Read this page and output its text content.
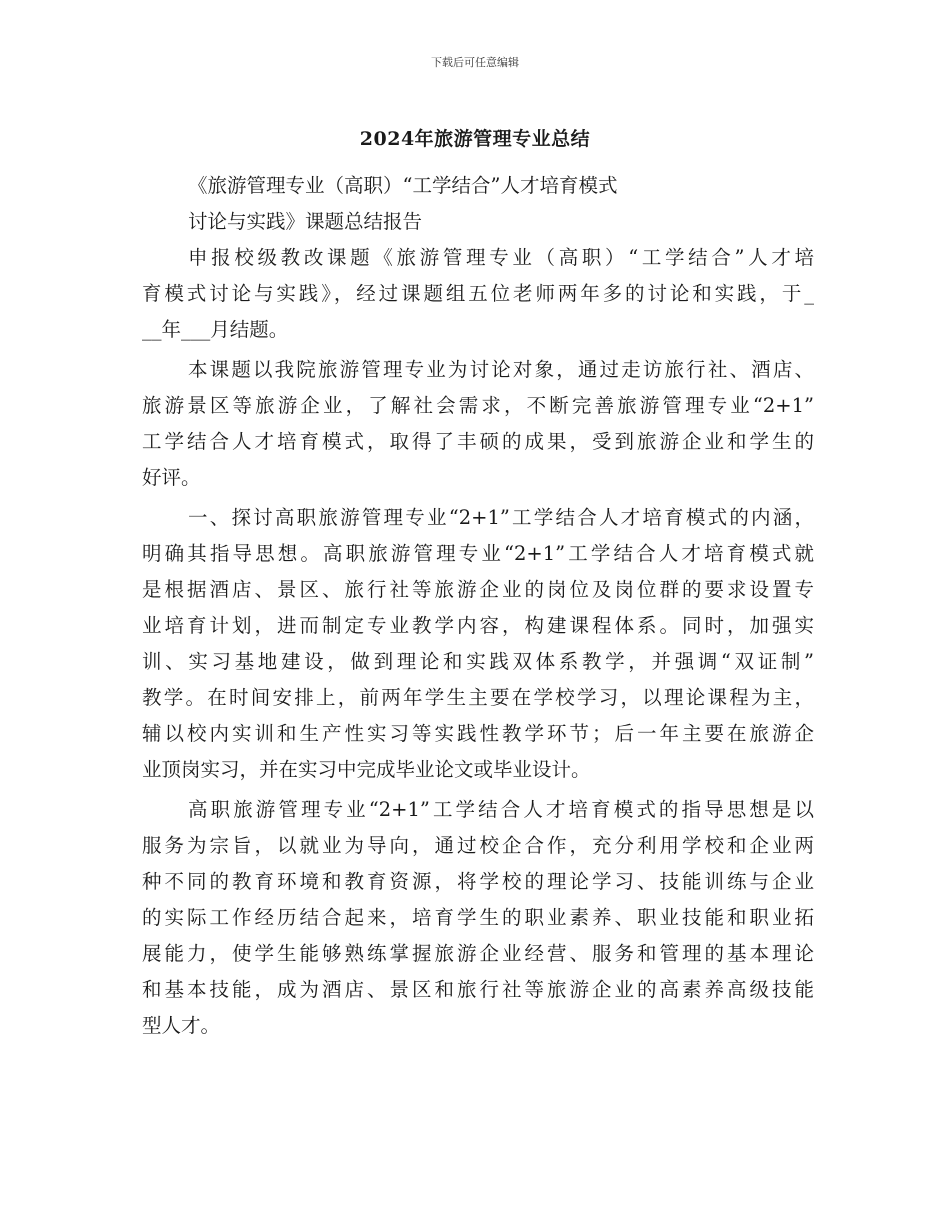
下载后可任意编辑
2024年旅游管理专业总结
《旅游管理专业（高职）“工学结合”人才培育模式
讨论与实践》课题总结报告
申报校级教改课题《旅游管理专业（高职）“工学结合”人才培
育模式讨论与实践》，经过课题组五位老师两年多的讨论和实践，于_
__年___月结题。
本课题以我院旅游管理专业为讨论对象，通过走访旅行社、酒店、
旅游景区等旅游企业，了解社会需求，不断完善旅游管理专业“2+1”
工学结合人才培育模式，取得了丰硕的成果，受到旅游企业和学生的
好评。
一、探讨高职旅游管理专业“2+1”工学结合人才培育模式的内涵，
明确其指导思想。高职旅游管理专业“2+1”工学结合人才培育模式就
是根据酒店、景区、旅行社等旅游企业的岗位及岗位群的要求设置专
业培育计划，进而制定专业教学内容，构建课程体系。同时，加强实
训、实习基地建设，做到理论和实践双体系教学，并强调“双证制”
教学。在时间安排上，前两年学生主要在学校学习，以理论课程为主，
辅以校内实训和生产性实习等实践性教学环节；后一年主要在旅游企
业顶岗实习，并在实习中完成毕业论文或毕业设计。
高职旅游管理专业“2+1”工学结合人才培育模式的指导思想是以
服务为宗旨，以就业为导向，通过校企合作，充分利用学校和企业两
种不同的教育环境和教育资源，将学校的理论学习、技能训练与企业
的实际工作经历结合起来，培育学生的职业素养、职业技能和职业拓
展能力，使学生能够熟练掌握旅游企业经营、服务和管理的基本理论
和基本技能，成为酒店、景区和旅行社等旅游企业的高素养高级技能
型人才。
